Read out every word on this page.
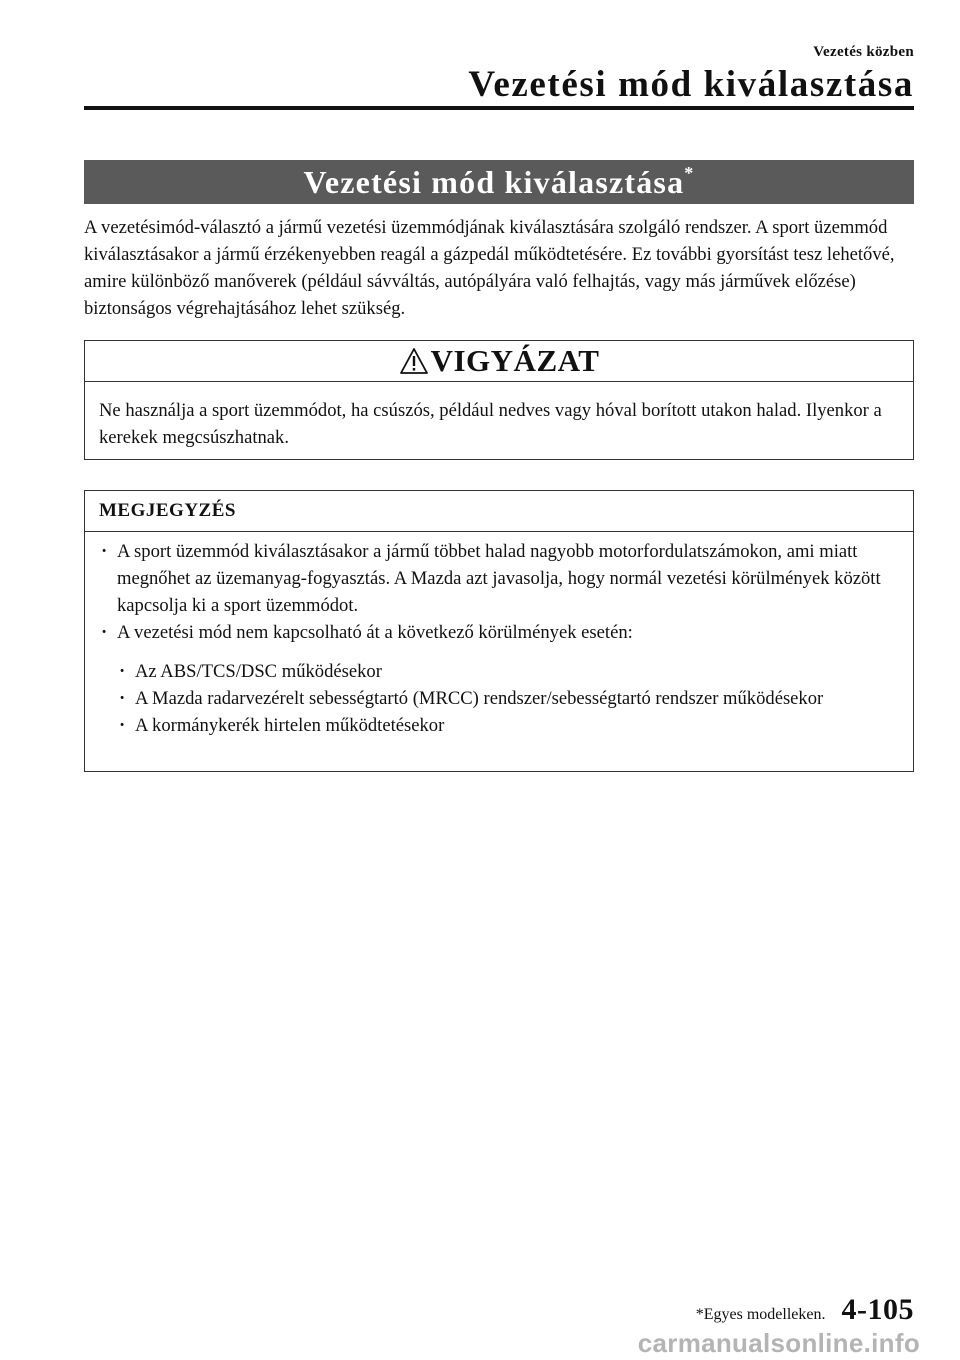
Vezetés közben
Vezetési mód kiválasztása
Vezetési mód kiválasztása*

A vezetésimód-választó a jármű vezetési üzemmódjának kiválasztására szolgáló rendszer. A sport üzemmód kiválasztásakor a jármű érzékenyebben reagál a gázpedál működtetésére. Ez további gyorsítást tesz lehetővé, amire különböző manőverek (például sávváltás, autópályára való felhajtás, vagy más járművek előzése) biztonságos végrehajtásához lehet szükség.

VIGYÁZAT
Ne használja a sport üzemmódot, ha csúszós, például nedves vagy hóval borított utakon halad. Ilyenkor a kerekek megcsúszhatnak.
MEGJEGYZÉS
· A sport üzemmód kiválasztásakor a jármű többet halad nagyobb motorfordulatszámokon, ami miatt megnőhet az üzemanyag-fogyasztás. A Mazda azt javasolja, hogy normál vezetési körülmények között kapcsolja ki a sport üzemmódot.
· A vezetési mód nem kapcsolható át a következő körülmények esetén:
· Az ABS/TCS/DSC működésekor
· A Mazda radarvezérelt sebességtartó (MRCC) rendszer/sebességtartó rendszer működésekor
· A kormánykerék hirtelen működtetésekor
*Egyes modelleken. 4-105
carmanualsonline.info
